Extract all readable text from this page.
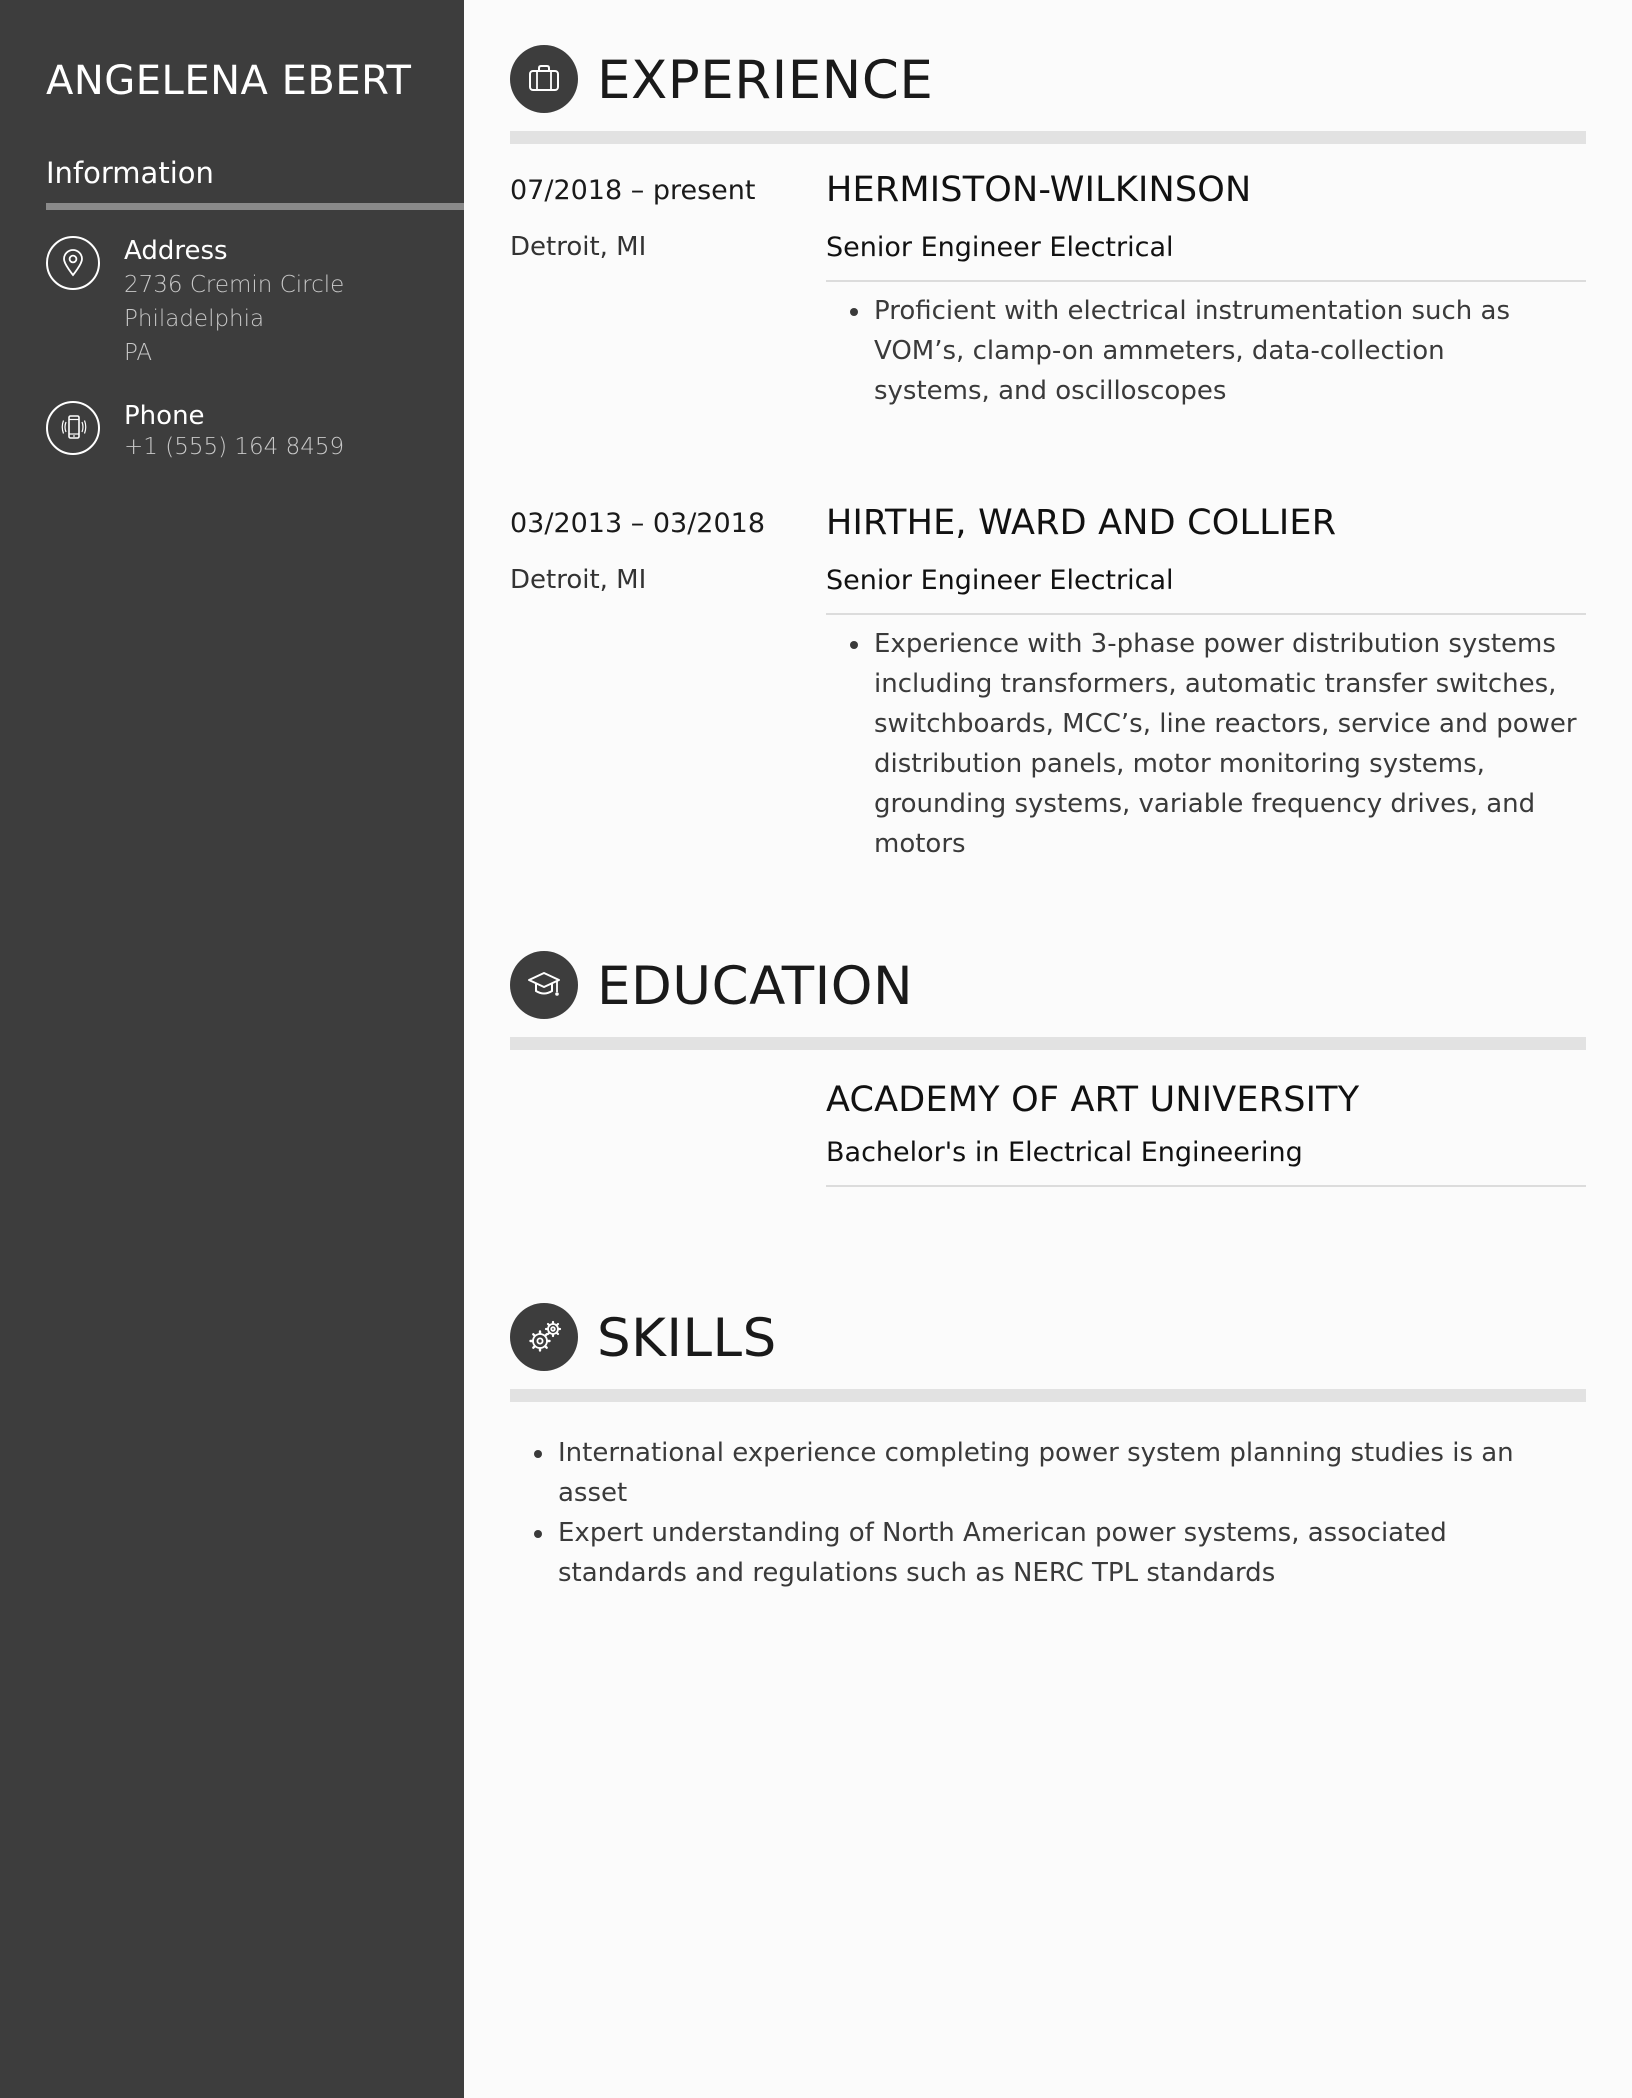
ANGELENA EBERT
Information
Address
2736 Cremin Circle
Philadelphia
PA
Phone
+1 (555) 164 8459
EXPERIENCE
07/2018 – present
Detroit, MI
HERMISTON-WILKINSON
Senior Engineer Electrical
Proficient with electrical instrumentation such as VOM’s, clamp-on ammeters, data-collection systems, and oscilloscopes
03/2013 – 03/2018
Detroit, MI
HIRTHE, WARD AND COLLIER
Senior Engineer Electrical
Experience with 3-phase power distribution systems including transformers, automatic transfer switches, switchboards, MCC’s, line reactors, service and power distribution panels, motor monitoring systems, grounding systems, variable frequency drives, and motors
EDUCATION
ACADEMY OF ART UNIVERSITY
Bachelor's in Electrical Engineering
SKILLS
International experience completing power system planning studies is an asset
Expert understanding of North American power systems, associated standards and regulations such as NERC TPL standards
